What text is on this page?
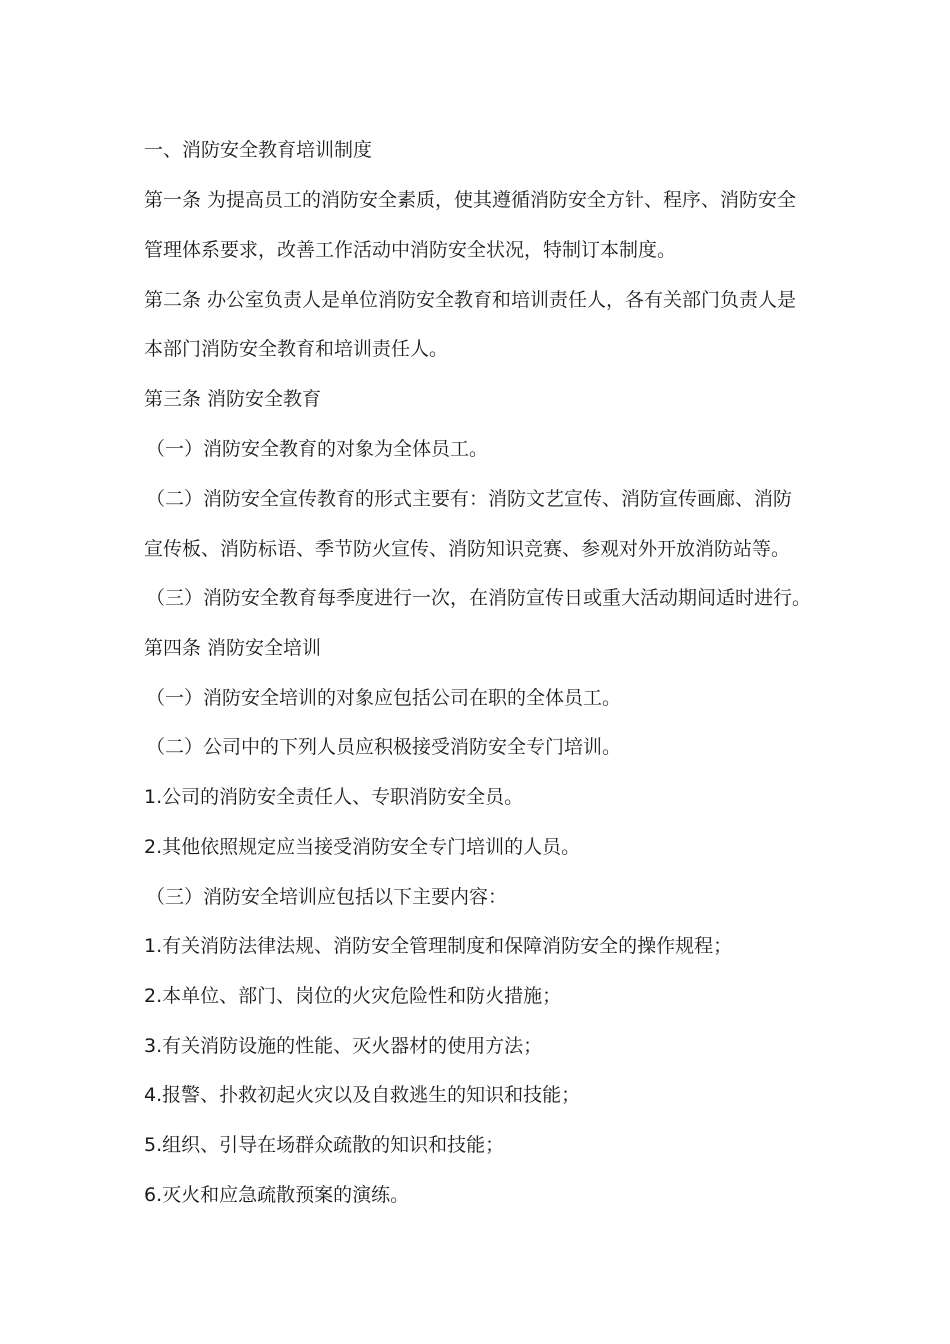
一、消防安全教育培训制度
第一条 为提高员工的消防安全素质，使其遵循消防安全方针、程序、消防安全
管理体系要求，改善工作活动中消防安全状况，特制订本制度。
第二条 办公室负责人是单位消防安全教育和培训责任人，各有关部门负责人是
本部门消防安全教育和培训责任人。
第三条 消防安全教育
（一）消防安全教育的对象为全体员工。
（二）消防安全宣传教育的形式主要有：消防文艺宣传、消防宣传画廊、消防
宣传板、消防标语、季节防火宣传、消防知识竞赛、参观对外开放消防站等。
（三）消防安全教育每季度进行一次，在消防宣传日或重大活动期间适时进行。
第四条 消防安全培训
（一）消防安全培训的对象应包括公司在职的全体员工。
（二）公司中的下列人员应积极接受消防安全专门培训。
1.公司的消防安全责任人、专职消防安全员。
2.其他依照规定应当接受消防安全专门培训的人员。
（三）消防安全培训应包括以下主要内容：
1.有关消防法律法规、消防安全管理制度和保障消防安全的操作规程；
2.本单位、部门、岗位的火灾危险性和防火措施；
3.有关消防设施的性能、灭火器材的使用方法；
4.报警、扑救初起火灾以及自救逃生的知识和技能；
5.组织、引导在场群众疏散的知识和技能；
6.灭火和应急疏散预案的演练。
